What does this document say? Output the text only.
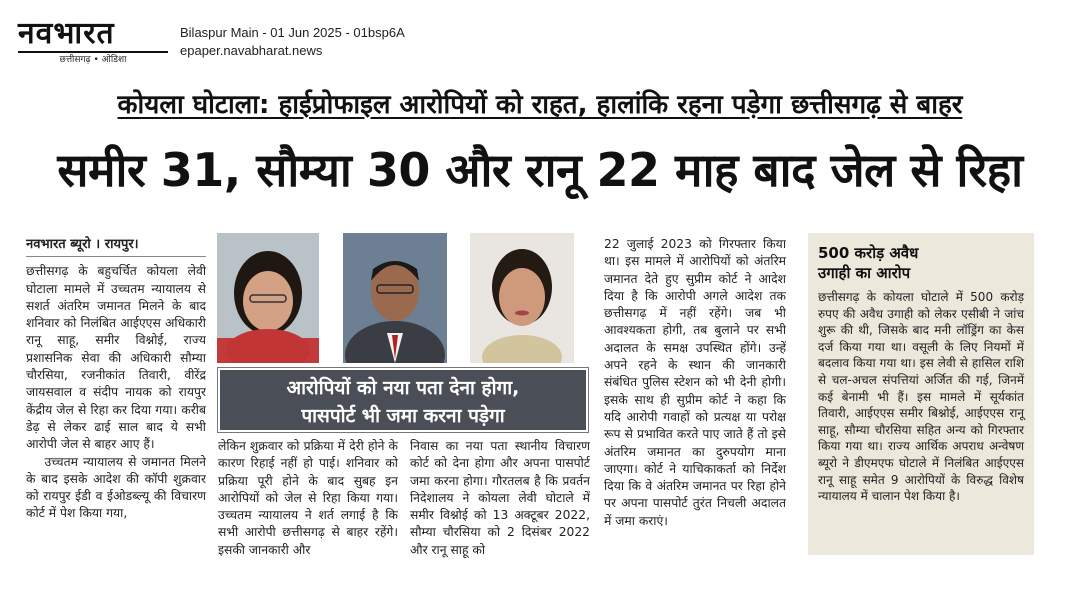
नवभारत
छत्तीसगढ़ • ओडिशा
Bilaspur Main - 01 Jun 2025 - 01bsp6A
epaper.navabharat.news
कोयला घोटाला: हाईप्रोफाइल आरोपियों को राहत, हालांकि रहना पड़ेगा छत्तीसगढ़ से बाहर
समीर 31, सौम्या 30 और रानू 22 माह बाद जेल से रिहा
नवभारत ब्यूरो । रायपुर।

छत्तीसगढ़ के बहुचर्चित कोयला लेवी घोटाला मामले में उच्चतम न्यायालय से सशर्त अंतरिम जमानत मिलने के बाद शनिवार को निलंबित आईएएस अधिकारी रानू साहू, समीर विश्नोई, राज्य प्रशासनिक सेवा की अधिकारी सौम्या चौरसिया, रजनीकांत तिवारी, वीरेंद्र जायसवाल व संदीप नायक को रायपुर केंद्रीय जेल से रिहा कर दिया गया। करीब डेढ़ से लेकर ढाई साल बाद ये सभी आरोपी जेल से बाहर आए हैं।

उच्चतम न्यायालय से जमानत मिलने के बाद इसके आदेश की कॉपी शुक्रवार को रायपुर ईडी व ईओडब्ल्यू की विचारण कोर्ट में पेश किया गया,

आरोपियों को नया पता देना होगा,
पासपोर्ट भी जमा करना पड़ेगा

लेकिन शुक्रवार को प्रक्रिया में देरी होने के कारण रिहाई नहीं हो पाई। शनिवार को प्रक्रिया पूरी होने के बाद सुबह इन आरोपियों को जेल से रिहा किया गया। उच्चतम न्यायालय ने शर्त लगाई है कि सभी आरोपी छत्तीसगढ़ से बाहर रहेंगे। इसकी जानकारी और

निवास का नया पता स्थानीय विचारण कोर्ट को देना होगा और अपना पासपोर्ट जमा करना होगा। गौरतलब है कि प्रवर्तन निदेशालय ने कोयला लेवी घोटाले में समीर विश्नोई को 13 अक्टूबर 2022, सौम्या चौरसिया को 2 दिसंबर 2022 और रानू साहू को

22 जुलाई 2023 को गिरफ्तार किया था। इस मामले में आरोपियों को अंतरिम जमानत देते हुए सुप्रीम कोर्ट ने आदेश दिया है कि आरोपी अगले आदेश तक छत्तीसगढ़ में नहीं रहेंगे। जब भी आवश्यकता होगी, तब बुलाने पर सभी अदालत के समक्ष उपस्थित होंगे। उन्हें अपने रहने के स्थान की जानकारी संबंधित पुलिस स्टेशन को भी देनी होगी। इसके साथ ही सुप्रीम कोर्ट ने कहा कि यदि आरोपी गवाहों को प्रत्यक्ष या परोक्ष रूप से प्रभावित करते पाए जाते हैं तो इसे अंतरिम जमानत का दुरुपयोग माना जाएगा। कोर्ट ने याचिकाकर्ता को निर्देश दिया कि वे अंतरिम जमानत पर रिहा होने पर अपना पासपोर्ट तुरंत निचली अदालत में जमा कराएं।

500 करोड़ अवैध
उगाही का आरोप
छत्तीसगढ़ के कोयला घोटाले में 500 करोड़ रुपए की अवैध उगाही को लेकर एसीबी ने जांच शुरू की थी, जिसके बाद मनी लॉड्रिंग का केस दर्ज किया गया था। वसूली के लिए नियमों में बदलाव किया गया था। इस लेवी से हासिल राशि से चल-अचल संपत्तियां अर्जित की गई, जिनमें कई बेनामी भी हैं। इस मामले में सूर्यकांत तिवारी, आईएएस समीर बिश्नोई, आईएएस रानू साहू, सौम्या चौरसिया सहित अन्य को गिरफ्तार किया गया था। राज्य आर्थिक अपराध अन्वेषण ब्यूरो ने डीएमएफ घोटाले में निलंबित आईएएस रानू साहू समेत 9 आरोपियों के विरुद्ध विशेष न्यायालय में चालान पेश किया है।
